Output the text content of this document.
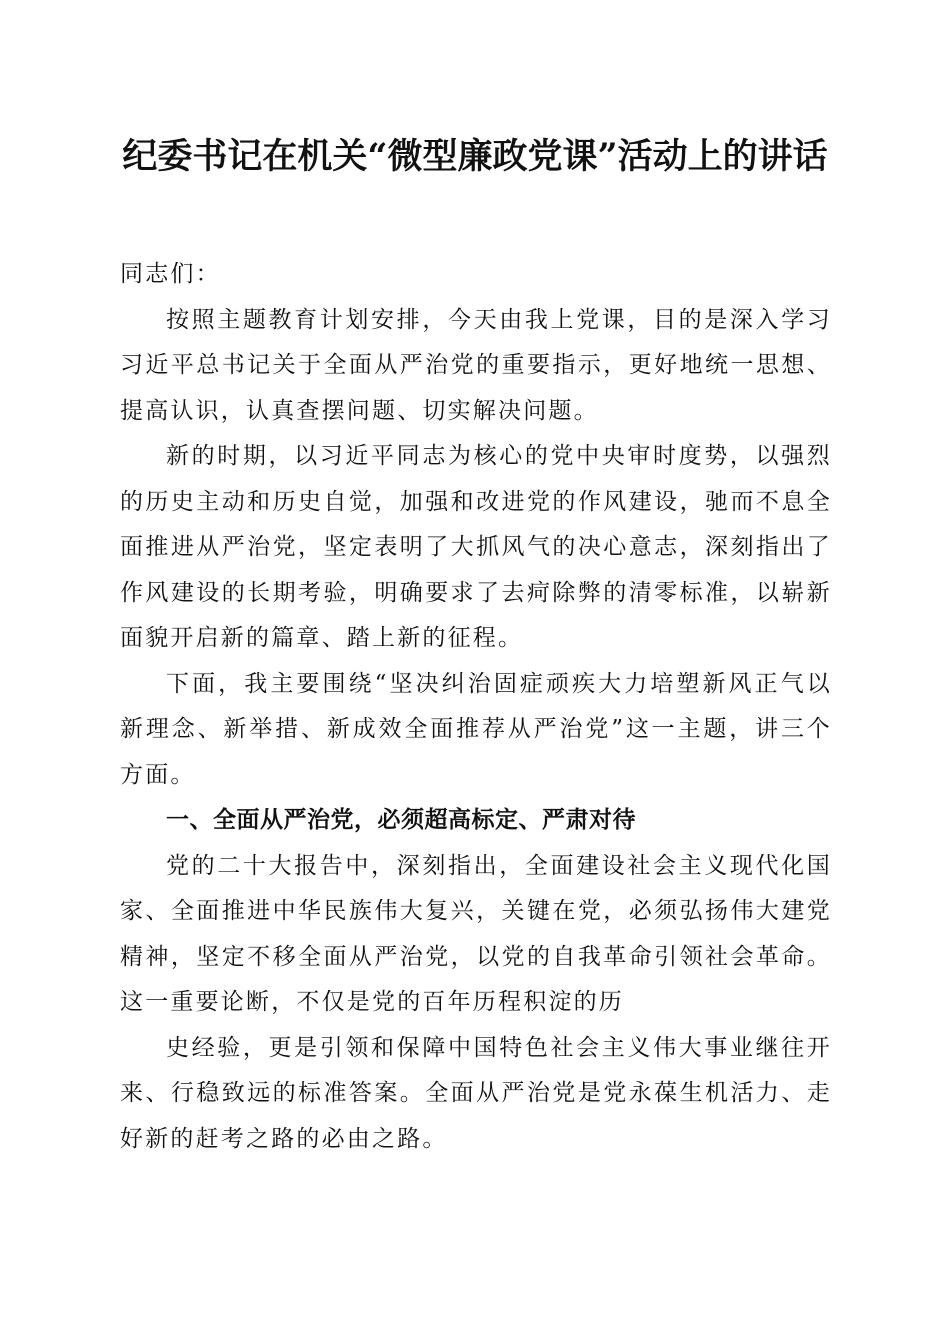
纪委书记在机关“微型廉政党课”活动上的讲话

同志们：

按照主题教育计划安排，今天由我上党课，目的是深入学习习近平总书记关于全面从严治党的重要指示，更好地统一思想、提高认识，认真查摆问题、切实解决问题。

新的时期，以习近平同志为核心的党中央审时度势，以强烈的历史主动和历史自觉，加强和改进党的作风建设，驰而不息全面推进从严治党，坚定表明了大抓风气的决心意志，深刻指出了作风建设的长期考验，明确要求了去疴除弊的清零标准，以崭新面貌开启新的篇章、踏上新的征程。

下面，我主要围绕“坚决纠治固症顽疾大力培塑新风正气以新理念、新举措、新成效全面推荐从严治党”这一主题，讲三个方面。

一、全面从严治党，必须超高标定、严肃对待

党的二十大报告中，深刻指出，全面建设社会主义现代化国家、全面推进中华民族伟大复兴，关键在党，必须弘扬伟大建党精神，坚定不移全面从严治党，以党的自我革命引领社会革命。这一重要论断，不仅是党的百年历程积淀的历

史经验，更是引领和保障中国特色社会主义伟大事业继往开来、行稳致远的标准答案。全面从严治党是党永葆生机活力、走好新的赶考之路的必由之路。
